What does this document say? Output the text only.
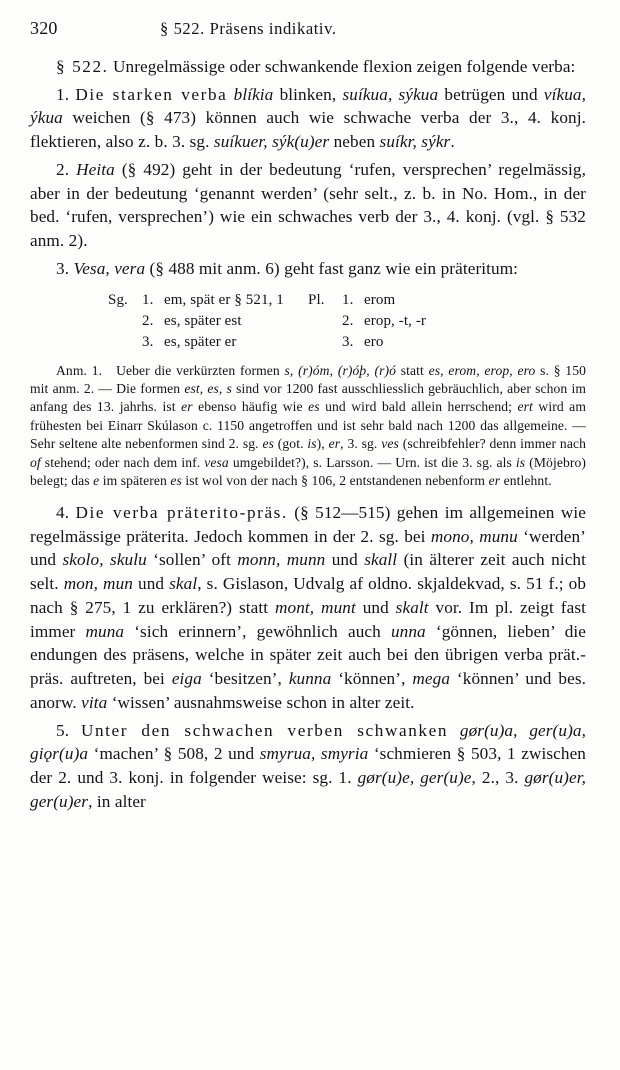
320	§ 522. Präsens indikativ.

§ 522. Unregelmässige oder schwankende flexion zeigen folgende verba:

1. Die starken verba blíkia blinken, suíkua, sýkua betrügen und víkua, ýkua weichen (§ 473) können auch wie schwache verba der 3., 4. konj. flektieren, also z. b. 3. sg. suíkuer, sýk(u)er neben suíkr, sýkr.

2. Heita (§ 492) geht in der bedeutung ‘rufen, versprechen’ regelmässig, aber in der bedeutung ‘genannt werden’ (sehr selt., z. b. in No. Hom., in der bed. ‘rufen, versprechen’) wie ein schwaches verb der 3., 4. konj. (vgl. § 532 anm. 2).

3. Vesa, vera (§ 488 mit anm. 6) geht fast ganz wie ein präteritum:

Sg. 1. em, spät er § 521, 1 Pl.	1. erom
2. es, später est	2. erop, -t, -r
3. es, später er	3. ero
Anm. 1. Ueber die verkürzten formen s, (r)óm, (r)óþ, (r)ó statt es, erom, erop, ero s. § 150 mit anm. 2. — Die formen est, es, s sind vor 1200 fast ausschliesslich gebräuchlich, aber schon im anfang des 13. jahrhs. ist er ebenso häufig wie es und wird bald allein herrschend; ert wird am frühesten bei Einarr Skúlason c. 1150 angetroffen und ist sehr bald nach 1200 das allgemeine. — Sehr seltene alte nebenformen sind 2. sg. es (got. is), er, 3. sg. ves (schreibfehler? denn immer nach of stehend; oder nach dem inf. vesa umgebildet?), s. Larsson. — Urn. ist die 3. sg. als is (Möjebro) belegt; das e im späteren es ist wol von der nach § 106, 2 entstandenen nebenform er entlehnt.

4. Die verba präterito-präs. (§ 512—515) gehen im allgemeinen wie regelmässige präterita. Jedoch kommen in der 2. sg. bei mono, munu ‘werden’ und skolo, skulu ‘sollen’ oft monn, munn und skall (in älterer zeit auch nicht selt. mon, mun und skal, s. Gislason, Udvalg af oldno. skjaldekvad, s. 51 f.; ob nach § 275, 1 zu erklären?) statt mont, munt und skalt vor. Im pl. zeigt fast immer muna ‘sich erinnern’, gewöhnlich auch unna ‘gönnen, lieben’ die endungen des präsens, welche in später zeit auch bei den übrigen verba prät.-präs. auftreten, bei eiga ‘besitzen’, kunna ‘können’, mega ‘können’ und bes. anorw. vita ‘wissen’ ausnahmsweise schon in alter zeit.

5. Unter den schwachen verben schwanken gør(u)a, ger(u)a, giǫr(u)a ‘machen’ § 508, 2 und smyrua, smyria ‘schmieren § 503, 1 zwischen der 2. und 3. konj. in folgender weise: sg. 1. gør(u)e, ger(u)e, 2., 3. gør(u)er, ger(u)er, in alter
